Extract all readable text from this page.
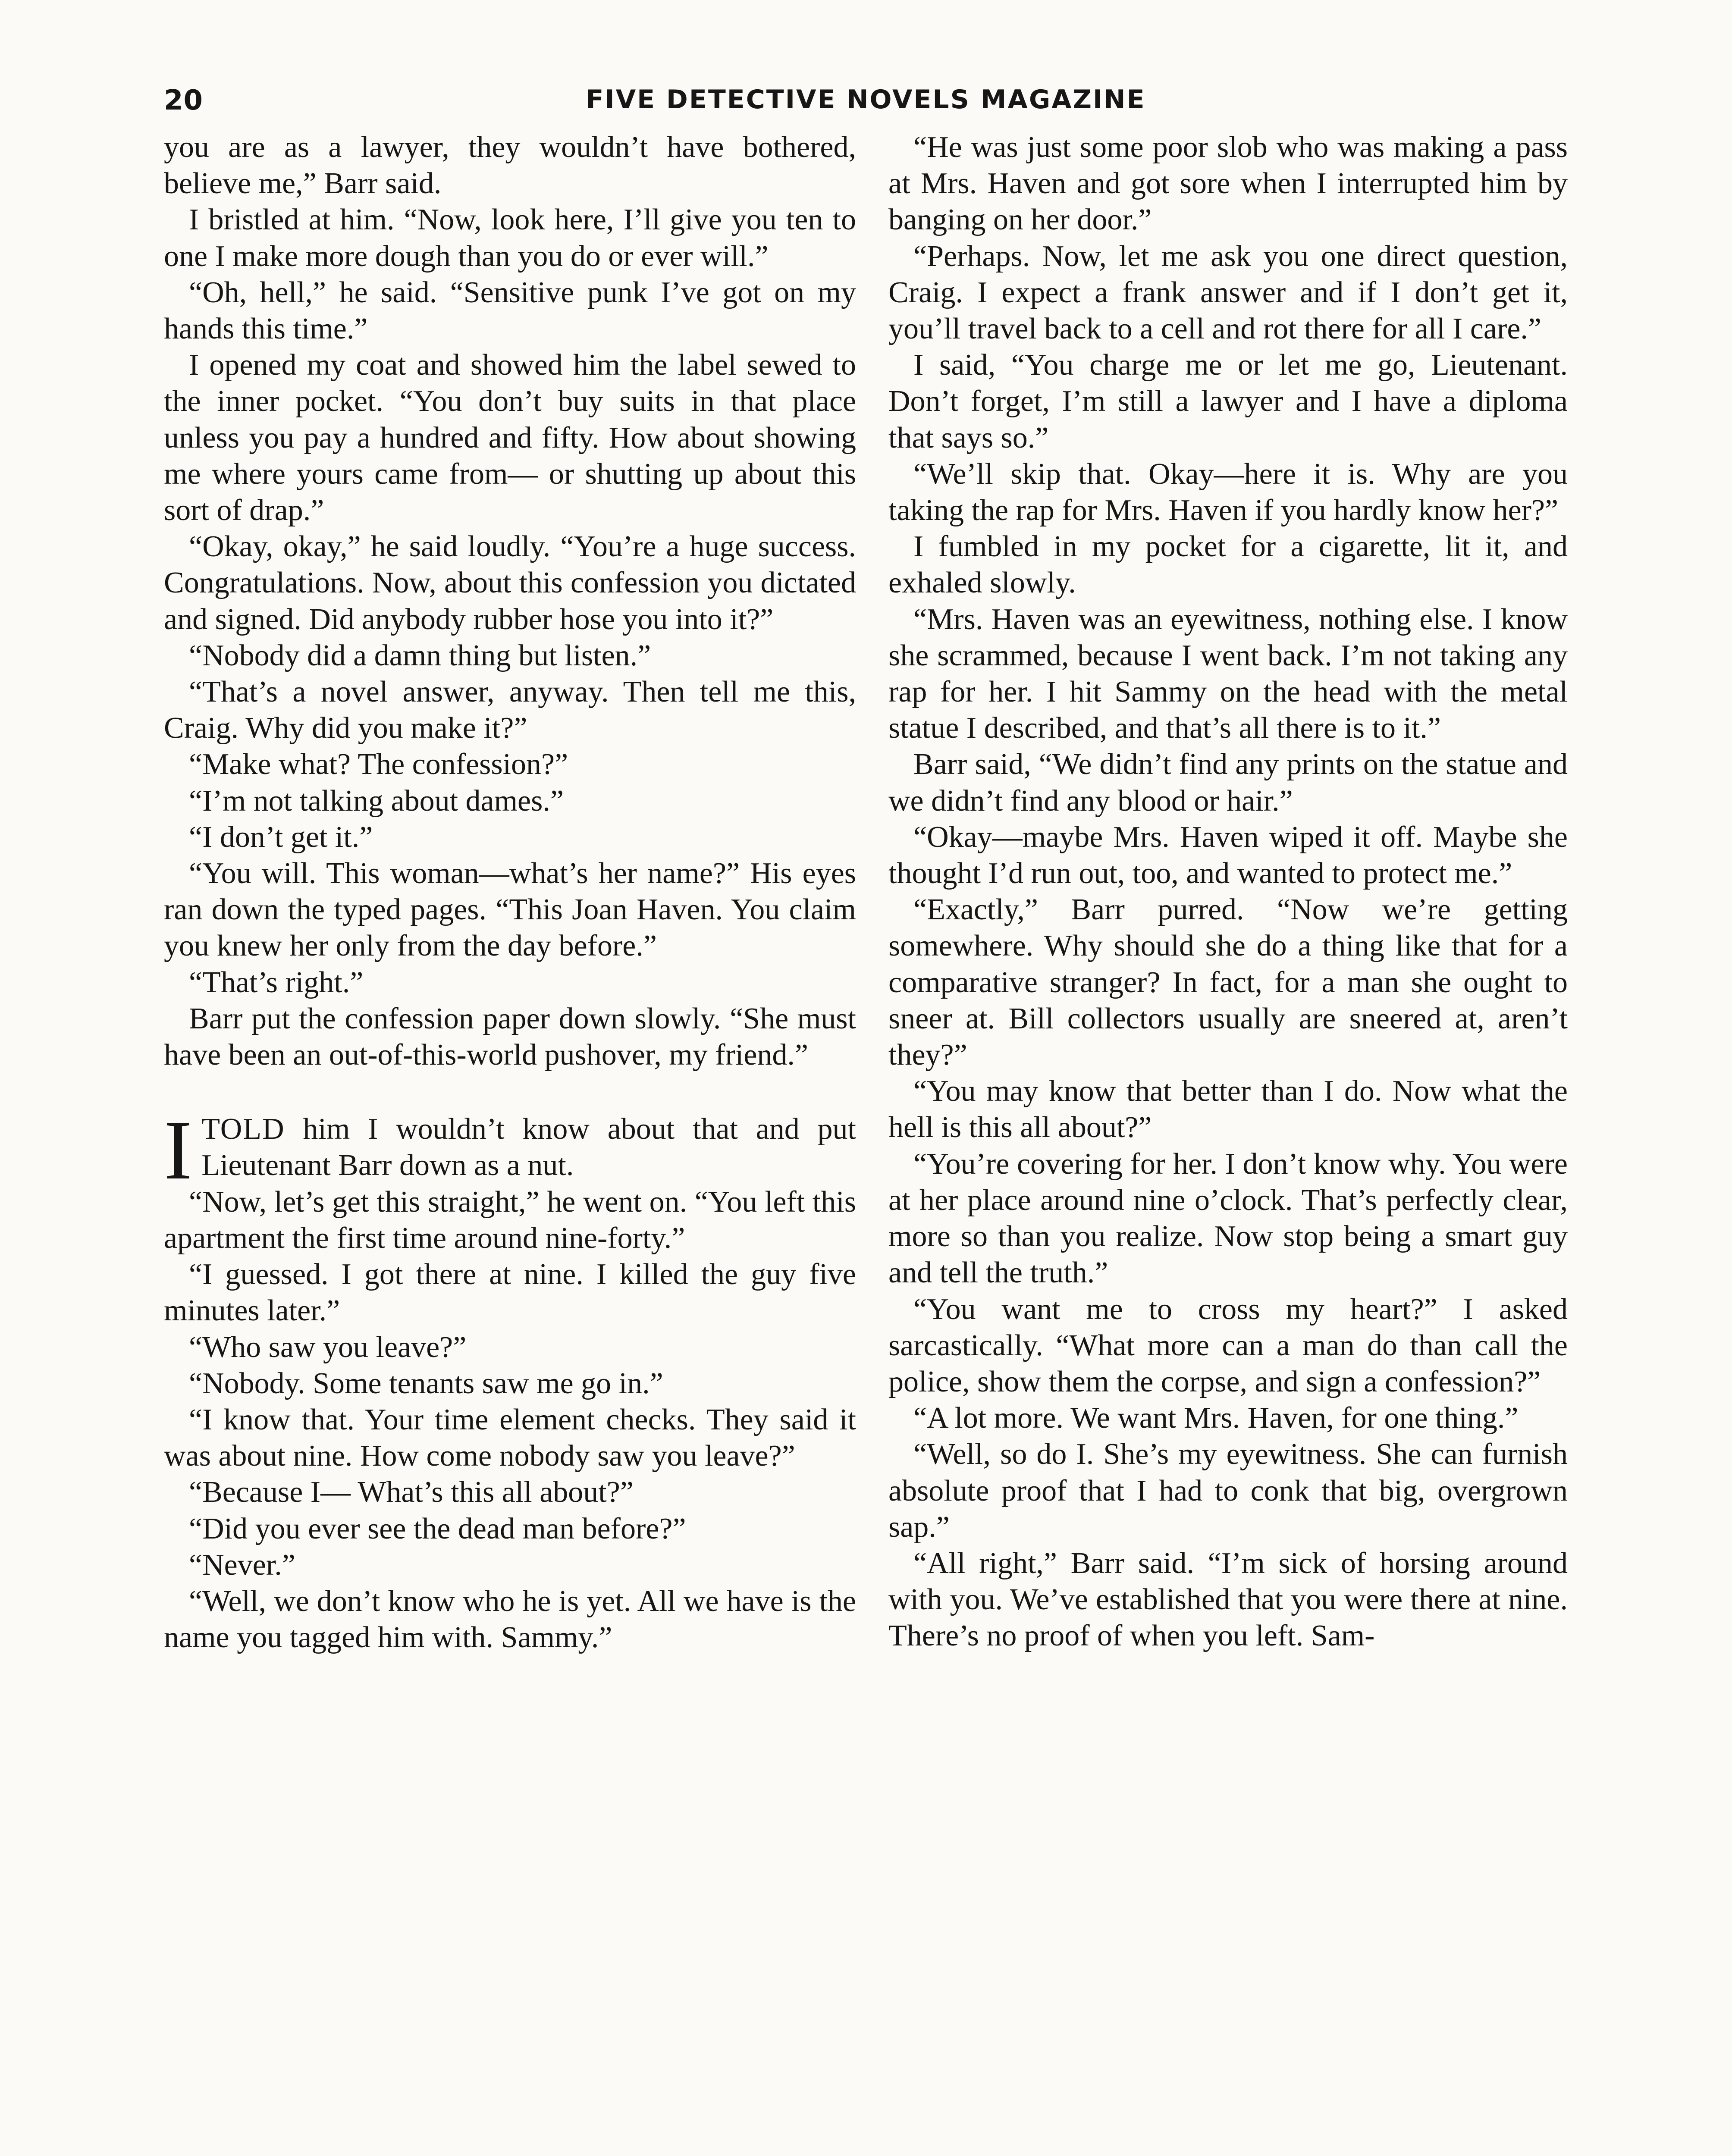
20	FIVE DETECTIVE NOVELS MAGAZINE

you are as a lawyer, they wouldn’t have bothered, believe me,” Barr said.

I bristled at him. “Now, look here, I’ll give you ten to one I make more dough than you do or ever will.”

“Oh, hell,” he said. “Sensitive punk I’ve got on my hands this time.”

I opened my coat and showed him the label sewed to the inner pocket. “You don’t buy suits in that place unless you pay a hundred and fifty. How about showing me where yours came from— or shutting up about this sort of drap.”

“Okay, okay,” he said loudly. “You’re a huge success. Congratulations. Now, about this confession you dictated and signed. Did anybody rubber hose you into it?”

“Nobody did a damn thing but listen.”

“That’s a novel answer, anyway. Then tell me this, Craig. Why did you make it?”

“Make what? The confession?”

“I’m not talking about dames.”

“I don’t get it.”

“You will. This woman—what’s her name?” His eyes ran down the typed pages. “This Joan Haven. You claim you knew her only from the day before.”

“That’s right.”

Barr put the confession paper down slowly. “She must have been an out-of-this-world pushover, my friend.”

ITOLD him I wouldn’t know about that and put Lieutenant Barr down as a nut.

“Now, let’s get this straight,” he went on. “You left this apartment the first time around nine-forty.”

“I guessed. I got there at nine. I killed the guy five minutes later.”

“Who saw you leave?”

“Nobody. Some tenants saw me go in.”

“I know that. Your time element checks. They said it was about nine. How come nobody saw you leave?”

“Because I— What’s this all about?”

“Did you ever see the dead man before?”

“Never.”

“Well, we don’t know who he is yet. All we have is the name you tagged him with. Sammy.”

“He was just some poor slob who was making a pass at Mrs. Haven and got sore when I interrupted him by banging on her door.”

“Perhaps. Now, let me ask you one direct question, Craig. I expect a frank answer and if I don’t get it, you’ll travel back to a cell and rot there for all I care.”

I said, “You charge me or let me go, Lieutenant. Don’t forget, I’m still a lawyer and I have a diploma that says so.”

“We’ll skip that. Okay—here it is. Why are you taking the rap for Mrs. Haven if you hardly know her?”

I fumbled in my pocket for a cigarette, lit it, and exhaled slowly.

“Mrs. Haven was an eyewitness, nothing else. I know she scrammed, because I went back. I’m not taking any rap for her. I hit Sammy on the head with the metal statue I described, and that’s all there is to it.”

Barr said, “We didn’t find any prints on the statue and we didn’t find any blood or hair.”

“Okay—maybe Mrs. Haven wiped it off. Maybe she thought I’d run out, too, and wanted to protect me.”

“Exactly,” Barr purred. “Now we’re getting somewhere. Why should she do a thing like that for a comparative stranger? In fact, for a man she ought to sneer at. Bill collectors usually are sneered at, aren’t they?”

“You may know that better than I do. Now what the hell is this all about?”

“You’re covering for her. I don’t know why. You were at her place around nine o’clock. That’s perfectly clear, more so than you realize. Now stop being a smart guy and tell the truth.”

“You want me to cross my heart?” I asked sarcastically. “What more can a man do than call the police, show them the corpse, and sign a confession?”

“A lot more. We want Mrs. Haven, for one thing.”

“Well, so do I. She’s my eyewitness. She can furnish absolute proof that I had to conk that big, overgrown sap.”

“All right,” Barr said. “I’m sick of horsing around with you. We’ve established that you were there at nine. There’s no proof of when you left. Sam-
